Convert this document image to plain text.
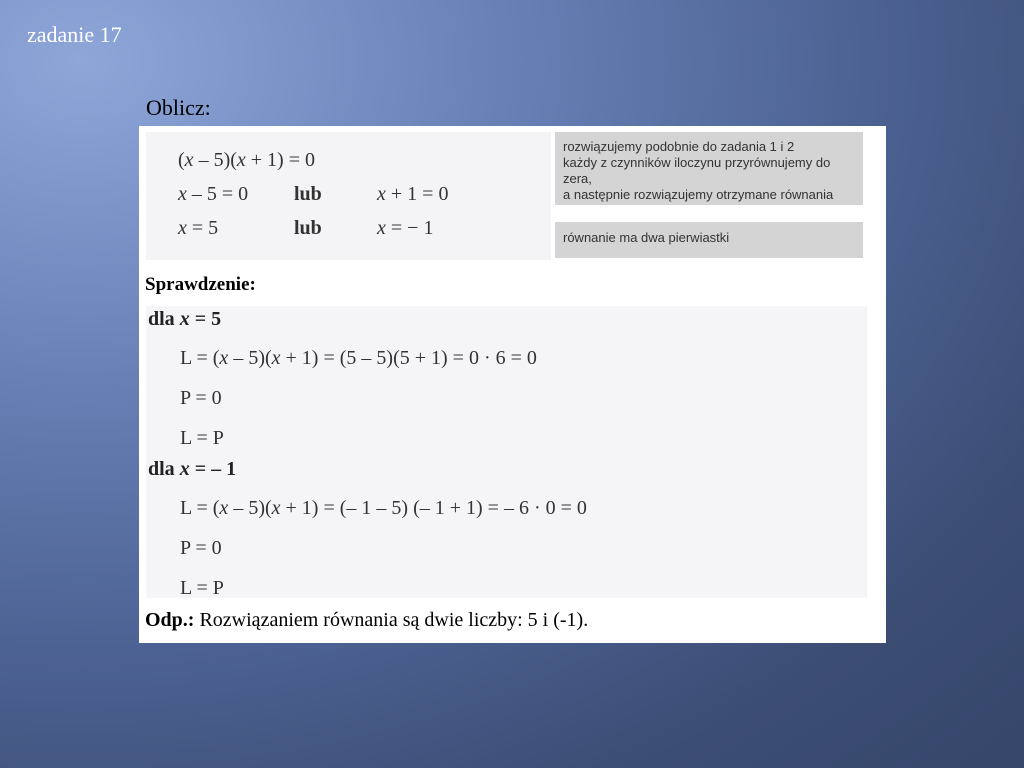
zadanie 17
Oblicz:
(x – 5)(x + 1) = 0
x – 5 = 0 lub	x + 1 = 0
x = 5	lub	x = − 1
rozwiązujemy podobnie do zadania 1 i 2
każdy z czynników iloczynu przyrównujemy do zera,
a następnie rozwiązujemy otrzymane równania
równanie ma dwa pierwiastki
Sprawdzenie:
dla x = 5
L = (x – 5)(x + 1) = (5 – 5)(5 + 1) = 0 · 6 = 0
P = 0
L = P
dla x = – 1
L = (x – 5)(x + 1) = (– 1 – 5) (– 1 + 1) = – 6 · 0 = 0
P = 0
L = P
Odp.: Rozwiązaniem równania są dwie liczby: 5 i (-1).
